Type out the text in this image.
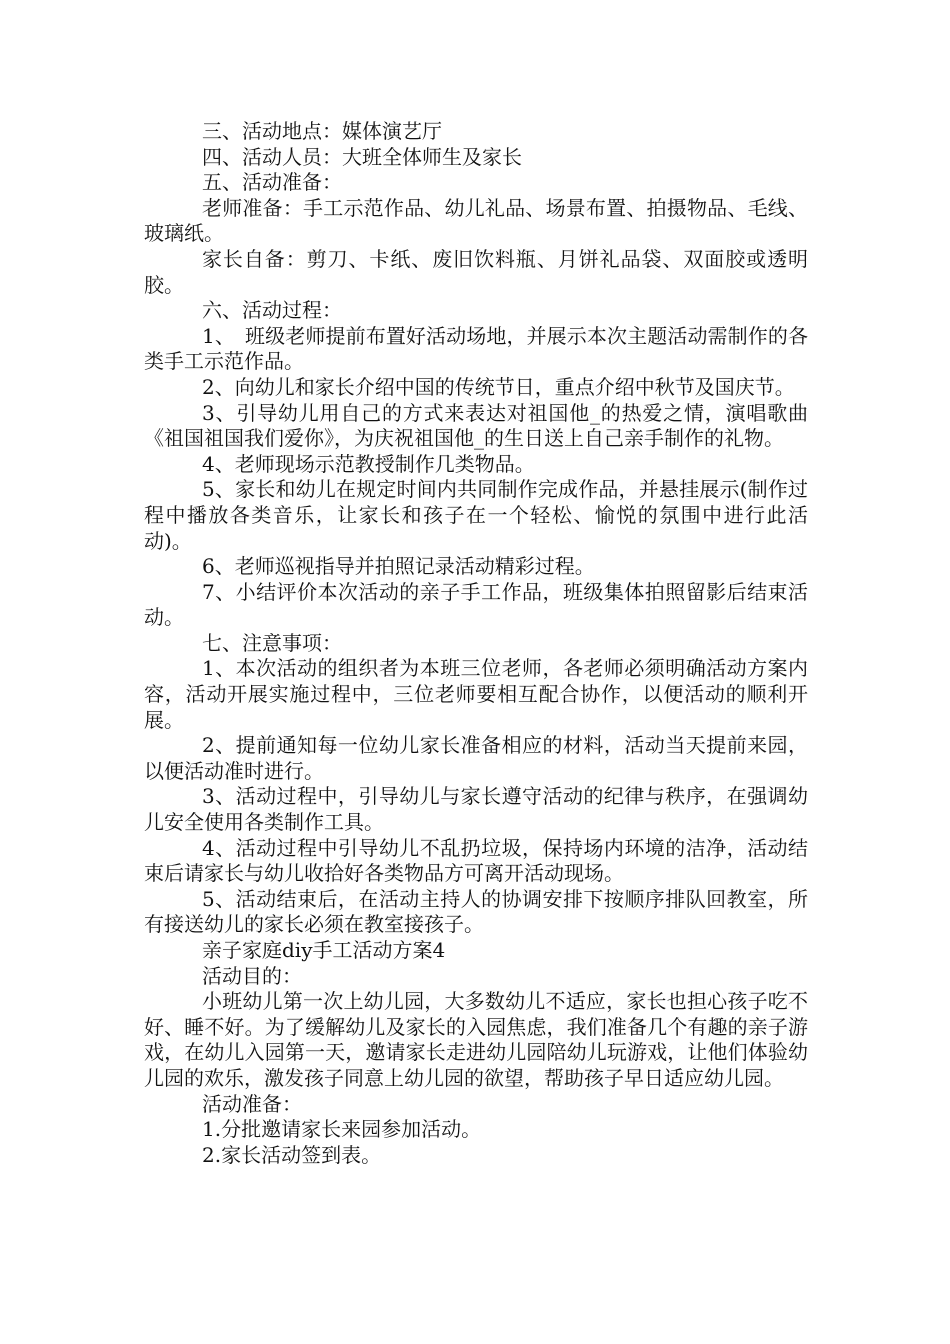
三、活动地点：媒体演艺厅

四、活动人员：大班全体师生及家长

五、活动准备：

老师准备：手工示范作品、幼儿礼品、场景布置、拍摄物品、毛线、玻璃纸。

家长自备：剪刀、卡纸、废旧饮料瓶、月饼礼品袋、双面胶或透明胶。

六、活动过程：

1、　班级老师提前布置好活动场地，并展示本次主题活动需制作的各类手工示范作品。

2、向幼儿和家长介绍中国的传统节日，重点介绍中秋节及国庆节。

3、引导幼儿用自己的方式来表达对祖国他_的热爱之情，演唱歌曲《祖国祖国我们爱你》，为庆祝祖国他_的生日送上自己亲手制作的礼物。

4、老师现场示范教授制作几类物品。

5、家长和幼儿在规定时间内共同制作完成作品，并悬挂展示(制作过程中播放各类音乐，让家长和孩子在一个轻松、愉悦的氛围中进行此活动)。

6、老师巡视指导并拍照记录活动精彩过程。

7、小结评价本次活动的亲子手工作品，班级集体拍照留影后结束活动。

七、注意事项：

1、本次活动的组织者为本班三位老师，各老师必须明确活动方案内容，活动开展实施过程中，三位老师要相互配合协作，以便活动的顺利开展。

2、提前通知每一位幼儿家长准备相应的材料，活动当天提前来园，以便活动准时进行。

3、活动过程中，引导幼儿与家长遵守活动的纪律与秩序，在强调幼儿安全使用各类制作工具。

4、活动过程中引导幼儿不乱扔垃圾，保持场内环境的洁净，活动结束后请家长与幼儿收拾好各类物品方可离开活动现场。

5、活动结束后，在活动主持人的协调安排下按顺序排队回教室，所有接送幼儿的家长必须在教室接孩子。

亲子家庭diy手工活动方案4

活动目的：

小班幼儿第一次上幼儿园，大多数幼儿不适应，家长也担心孩子吃不好、睡不好。为了缓解幼儿及家长的入园焦虑，我们准备几个有趣的亲子游戏，在幼儿入园第一天，邀请家长走进幼儿园陪幼儿玩游戏，让他们体验幼儿园的欢乐，激发孩子同意上幼儿园的欲望，帮助孩子早日适应幼儿园。

活动准备：

1.分批邀请家长来园参加活动。

2.家长活动签到表。
